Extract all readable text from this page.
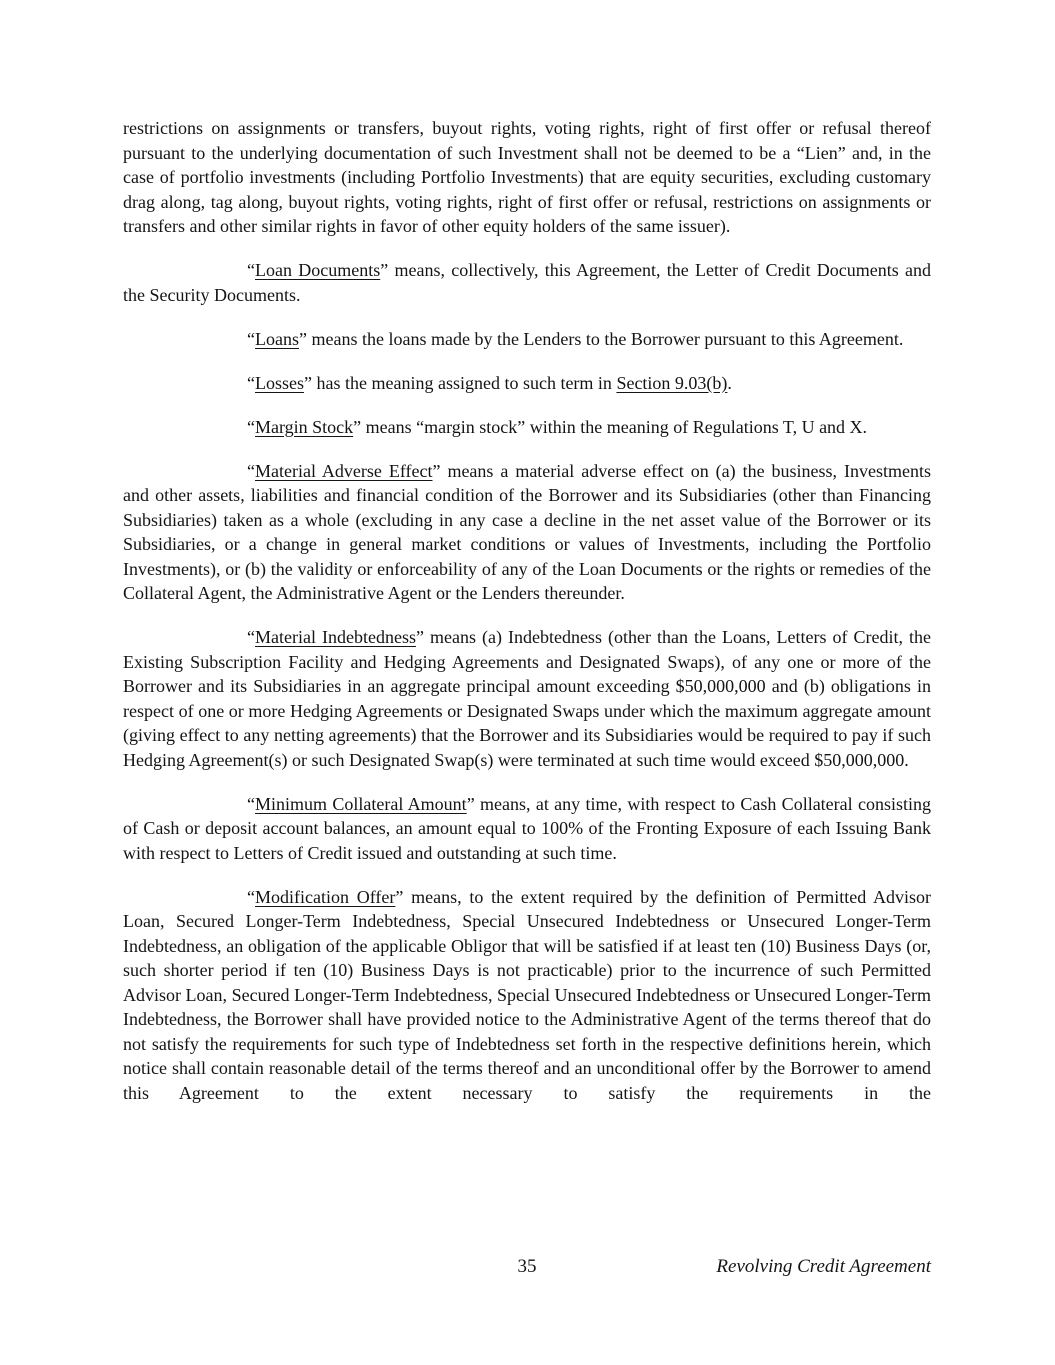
restrictions on assignments or transfers, buyout rights, voting rights, right of first offer or refusal thereof pursuant to the underlying documentation of such Investment shall not be deemed to be a “Lien” and, in the case of portfolio investments (including Portfolio Investments) that are equity securities, excluding customary drag along, tag along, buyout rights, voting rights, right of first offer or refusal, restrictions on assignments or transfers and other similar rights in favor of other equity holders of the same issuer).

“Loan Documents” means, collectively, this Agreement, the Letter of Credit Documents and the Security Documents.

“Loans” means the loans made by the Lenders to the Borrower pursuant to this Agreement.

“Losses” has the meaning assigned to such term in Section 9.03(b).

“Margin Stock” means “margin stock” within the meaning of Regulations T, U and X.

“Material Adverse Effect” means a material adverse effect on (a) the business, Investments and other assets, liabilities and financial condition of the Borrower and its Subsidiaries (other than Financing Subsidiaries) taken as a whole (excluding in any case a decline in the net asset value of the Borrower or its Subsidiaries, or a change in general market conditions or values of Investments, including the Portfolio Investments), or (b) the validity or enforceability of any of the Loan Documents or the rights or remedies of the Collateral Agent, the Administrative Agent or the Lenders thereunder.

“Material Indebtedness” means (a) Indebtedness (other than the Loans, Letters of Credit, the Existing Subscription Facility and Hedging Agreements and Designated Swaps), of any one or more of the Borrower and its Subsidiaries in an aggregate principal amount exceeding $50,000,000 and (b) obligations in respect of one or more Hedging Agreements or Designated Swaps under which the maximum aggregate amount (giving effect to any netting agreements) that the Borrower and its Subsidiaries would be required to pay if such Hedging Agreement(s) or such Designated Swap(s) were terminated at such time would exceed $50,000,000.

“Minimum Collateral Amount” means, at any time, with respect to Cash Collateral consisting of Cash or deposit account balances, an amount equal to 100% of the Fronting Exposure of each Issuing Bank with respect to Letters of Credit issued and outstanding at such time.

“Modification Offer” means, to the extent required by the definition of Permitted Advisor Loan, Secured Longer-Term Indebtedness, Special Unsecured Indebtedness or Unsecured Longer-Term Indebtedness, an obligation of the applicable Obligor that will be satisfied if at least ten (10) Business Days (or, such shorter period if ten (10) Business Days is not practicable) prior to the incurrence of such Permitted Advisor Loan, Secured Longer-Term Indebtedness, Special Unsecured Indebtedness or Unsecured Longer-Term Indebtedness, the Borrower shall have provided notice to the Administrative Agent of the terms thereof that do not satisfy the requirements for such type of Indebtedness set forth in the respective definitions herein, which notice shall contain reasonable detail of the terms thereof and an unconditional offer by the Borrower to amend this Agreement to the extent necessary to satisfy the requirements in the

35	Revolving Credit Agreement
